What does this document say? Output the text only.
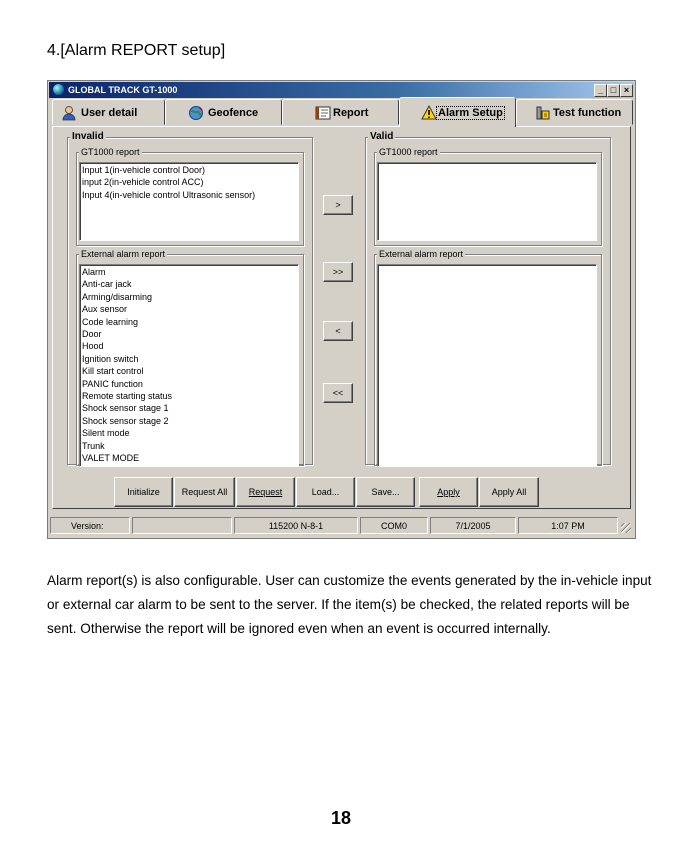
4.[Alarm REPORT setup]
GLOBAL TRACK GT-1000	_ □ ×
User detail	Geofence	Report	Alarm Setup	Test function
Invalid
GT1000 report
Input 1(in-vehicle control Door)
input 2(in-vehicle control ACC)
Input 4(in-vehicle control Ultrasonic sensor)
External alarm report
Alarm
Anti-car jack
Arming/disarming
Aux sensor
Code learning
Door
Hood
Ignition switch
Kill start control
PANIC function
Remote starting status
Shock sensor stage 1
Shock sensor stage 2
Silent mode
Trunk
VALET MODE
>
>>
<
<<
Valid
GT1000 report
External alarm report
Initialize	Request All	Request	Load...	Save...	Apply	Apply All
Version:	115200 N-8-1	COM0	7/1/2005	1:07 PM
Alarm report(s) is also configurable. User can customize the events generated by the in-vehicle input or external car alarm to be sent to the server. If the item(s) be checked, the related reports will be sent. Otherwise the report will be ignored even when an event is occurred internally.
18
